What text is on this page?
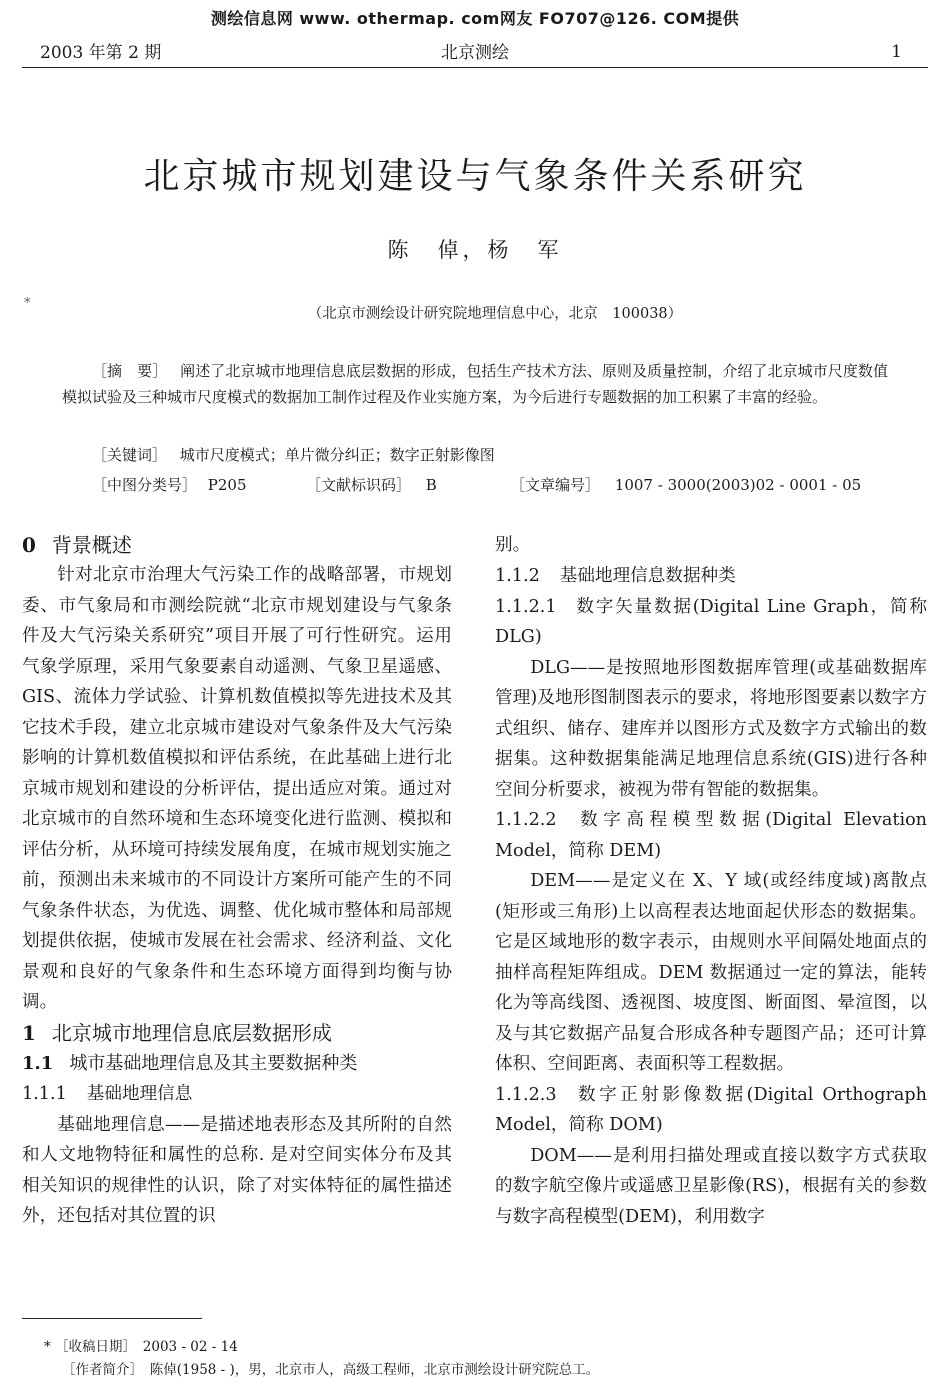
测绘信息网 www. othermap. com网友 FO707@126. COM提供
2003 年第 2 期	北京测绘	1
北京城市规划建设与气象条件关系研究
陈　倬，杨　军
*
（北京市测绘设计研究院地理信息中心，北京　100038）
［摘　要］ 阐述了北京城市地理信息底层数据的形成，包括生产技术方法、原则及质量控制，介绍了北京城市尺度数值模拟试验及三种城市尺度模式的数据加工制作过程及作业实施方案，为今后进行专题数据的加工积累了丰富的经验。
［关键词］ 城市尺度模式；单片微分纠正；数字正射影像图
［中图分类号］ P205	［文献标识码］ B	［文章编号］ 1007 - 3000(2003)02 - 0001 - 05
0 背景概述

针对北京市治理大气污染工作的战略部署，市规划委、市气象局和市测绘院就“北京市规划建设与气象条件及大气污染关系研究”项目开展了可行性研究。运用气象学原理，采用气象要素自动遥测、气象卫星遥感、GIS、流体力学试验、计算机数值模拟等先进技术及其它技术手段，建立北京城市建设对气象条件及大气污染影响的计算机数值模拟和评估系统，在此基础上进行北京城市规划和建设的分析评估，提出适应对策。通过对北京城市的自然环境和生态环境变化进行监测、模拟和评估分析，从环境可持续发展角度，在城市规划实施之前，预测出未来城市的不同设计方案所可能产生的不同气象条件状态，为优选、调整、优化城市整体和局部规划提供依据，使城市发展在社会需求、经济利益、文化景观和良好的气象条件和生态环境方面得到均衡与协调。

1 北京城市地理信息底层数据形成
1.1 城市基础地理信息及其主要数据种类
1.1.1 基础地理信息

基础地理信息——是描述地表形态及其所附的自然和人文地物特征和属性的总称. 是对空间实体分布及其相关知识的规律性的认识，除了对实体特征的属性描述外，还包括对其位置的识

别。

1.1.2 基础地理信息数据种类
1.1.2.1 数字矢量数据(Digital Line Graph，简称 DLG)

DLG——是按照地形图数据库管理(或基础数据库管理)及地形图制图表示的要求，将地形图要素以数字方式组织、储存、建库并以图形方式及数字方式输出的数据集。这种数据集能满足地理信息系统(GIS)进行各种空间分析要求，被视为带有智能的数据集。

1.1.2.2 数字高程模型数据(Digital Elevation Model，简称 DEM)

DEM——是定义在 X、Y 域(或经纬度域)离散点(矩形或三角形)上以高程表达地面起伏形态的数据集。它是区域地形的数字表示，由规则水平间隔处地面点的抽样高程矩阵组成。DEM 数据通过一定的算法，能转化为等高线图、透视图、坡度图、断面图、晕渲图，以及与其它数据产品复合形成各种专题图产品；还可计算体积、空间距离、表面积等工程数据。

1.1.2.3 数字正射影像数据(Digital Orthograph Model，简称 DOM)

DOM——是利用扫描处理或直接以数字方式获取的数字航空像片或遥感卫星影像(RS)，根据有关的参数与数字高程模型(DEM)，利用数字

* ［收稿日期］　2003 - 02 - 14
［作者简介］　陈倬(1958 - )，男，北京市人，高级工程师，北京市测绘设计研究院总工。
